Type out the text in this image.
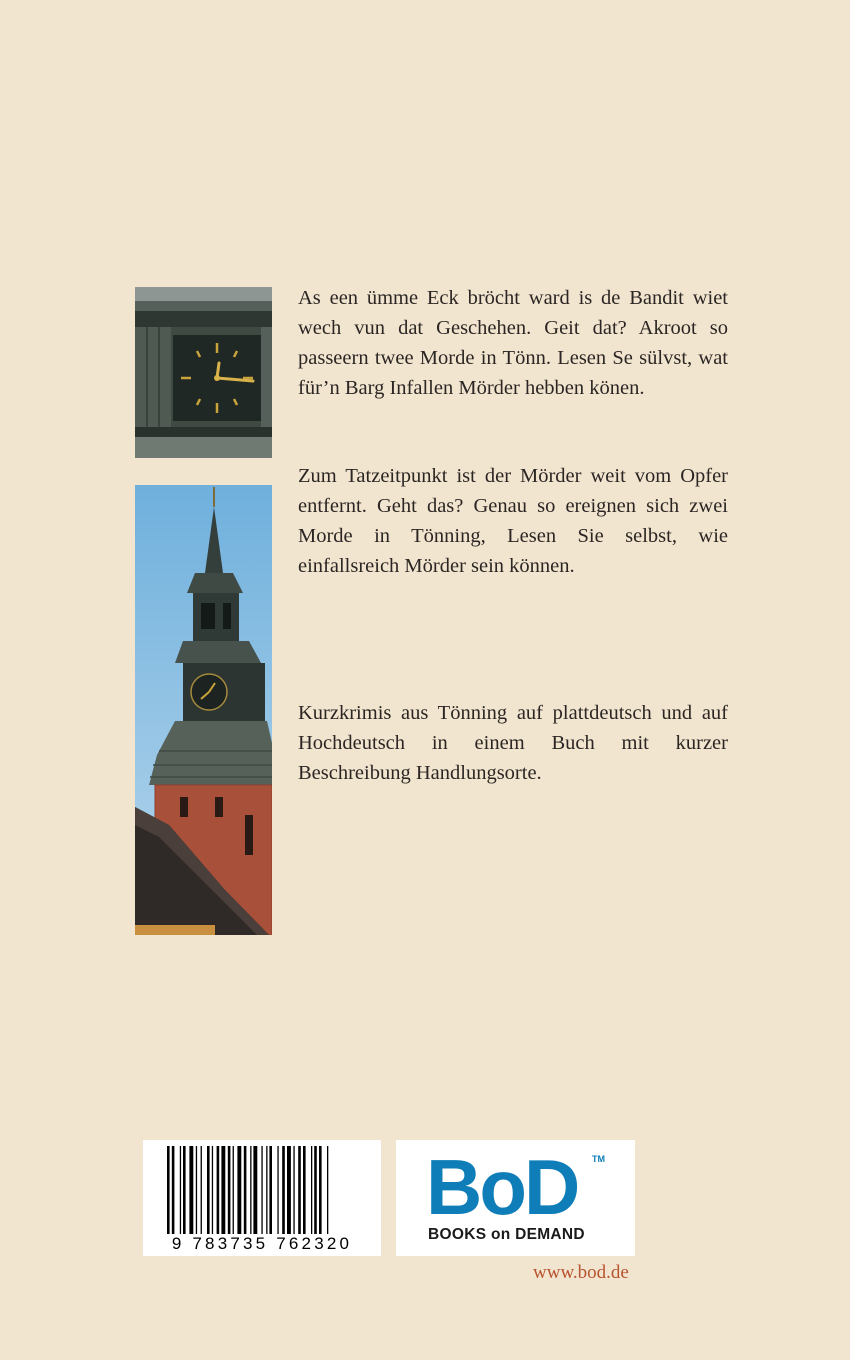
As een ümme Eck bröcht ward is de Bandit wiet wech vun dat Geschehen. Geit dat? Akroot so passeern twee Morde in Tönn. Lesen Se sülvst, wat für’n Barg Infallen Mörder hebben könen.

Zum Tatzeitpunkt ist der Mörder weit vom Opfer entfernt. Geht das? Genau so ereignen sich zwei Morde in Tönning, Lesen Sie selbst, wie einfallsreich Mörder sein können.

Kurzkrimis aus Tönning auf plattdeutsch und auf Hochdeutsch in einem Buch mit kurzer Beschreibung Handlungsorte.

9 783735 762320
BoD TM
BOOKS on DEMAND
www.bod.de
